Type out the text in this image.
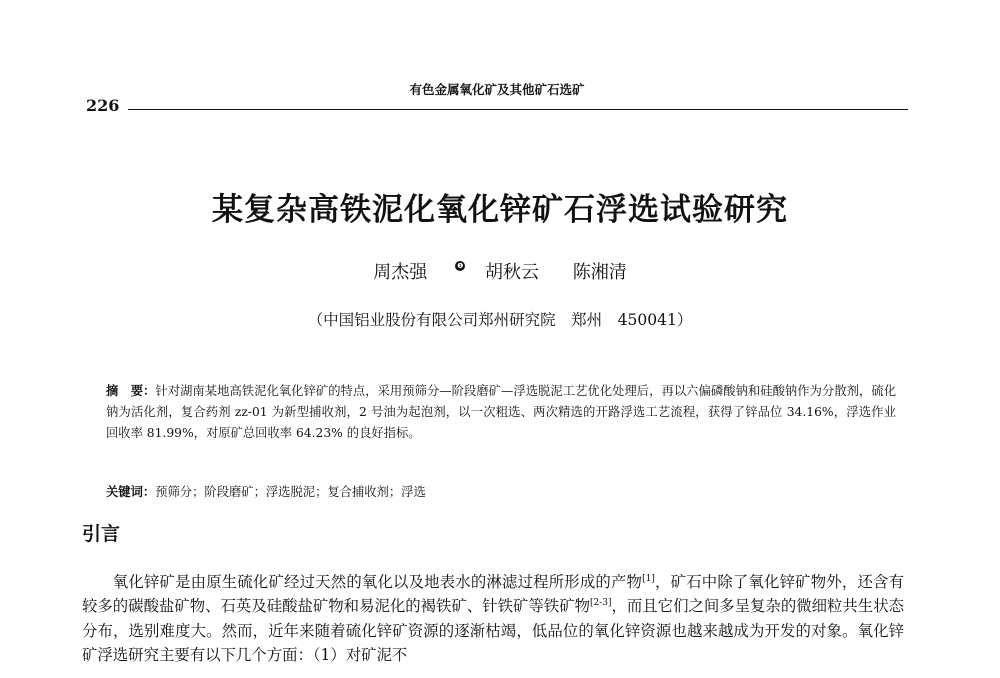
有色金属氧化矿及其他矿石选矿
226
某复杂高铁泥化氧化锌矿石浮选试验研究
周杰强	❶ 胡秋云 陈湘清
（中国铝业股份有限公司郑州研究院　郑州　450041）
摘　要：针对湖南某地高铁泥化氧化锌矿的特点，采用预筛分—阶段磨矿—浮选脱泥工艺优化处理后，再以六偏磷酸钠和硅酸钠作为分散剂，硫化钠为活化剂，复合药剂 zz-01 为新型捕收剂，2 号油为起泡剂，以一次粗选、两次精选的开路浮选工艺流程，获得了锌品位 34.16%，浮选作业回收率 81.99%，对原矿总回收率 64.23% 的良好指标。
关键词：预筛分；阶段磨矿；浮选脱泥；复合捕收剂；浮选
引言

氧化锌矿是由原生硫化矿经过天然的氧化以及地表水的淋滤过程所形成的产物[1]，矿石中除了氧化锌矿物外，还含有较多的碳酸盐矿物、石英及硅酸盐矿物和易泥化的褐铁矿、针铁矿等铁矿物[2-3]，而且它们之间多呈复杂的微细粒共生状态分布，选别难度大。然而，近年来随着硫化锌矿资源的逐渐枯竭，低品位的氧化锌资源也越来越成为开发的对象。氧化锌矿浮选研究主要有以下几个方面：（1）对矿泥不
